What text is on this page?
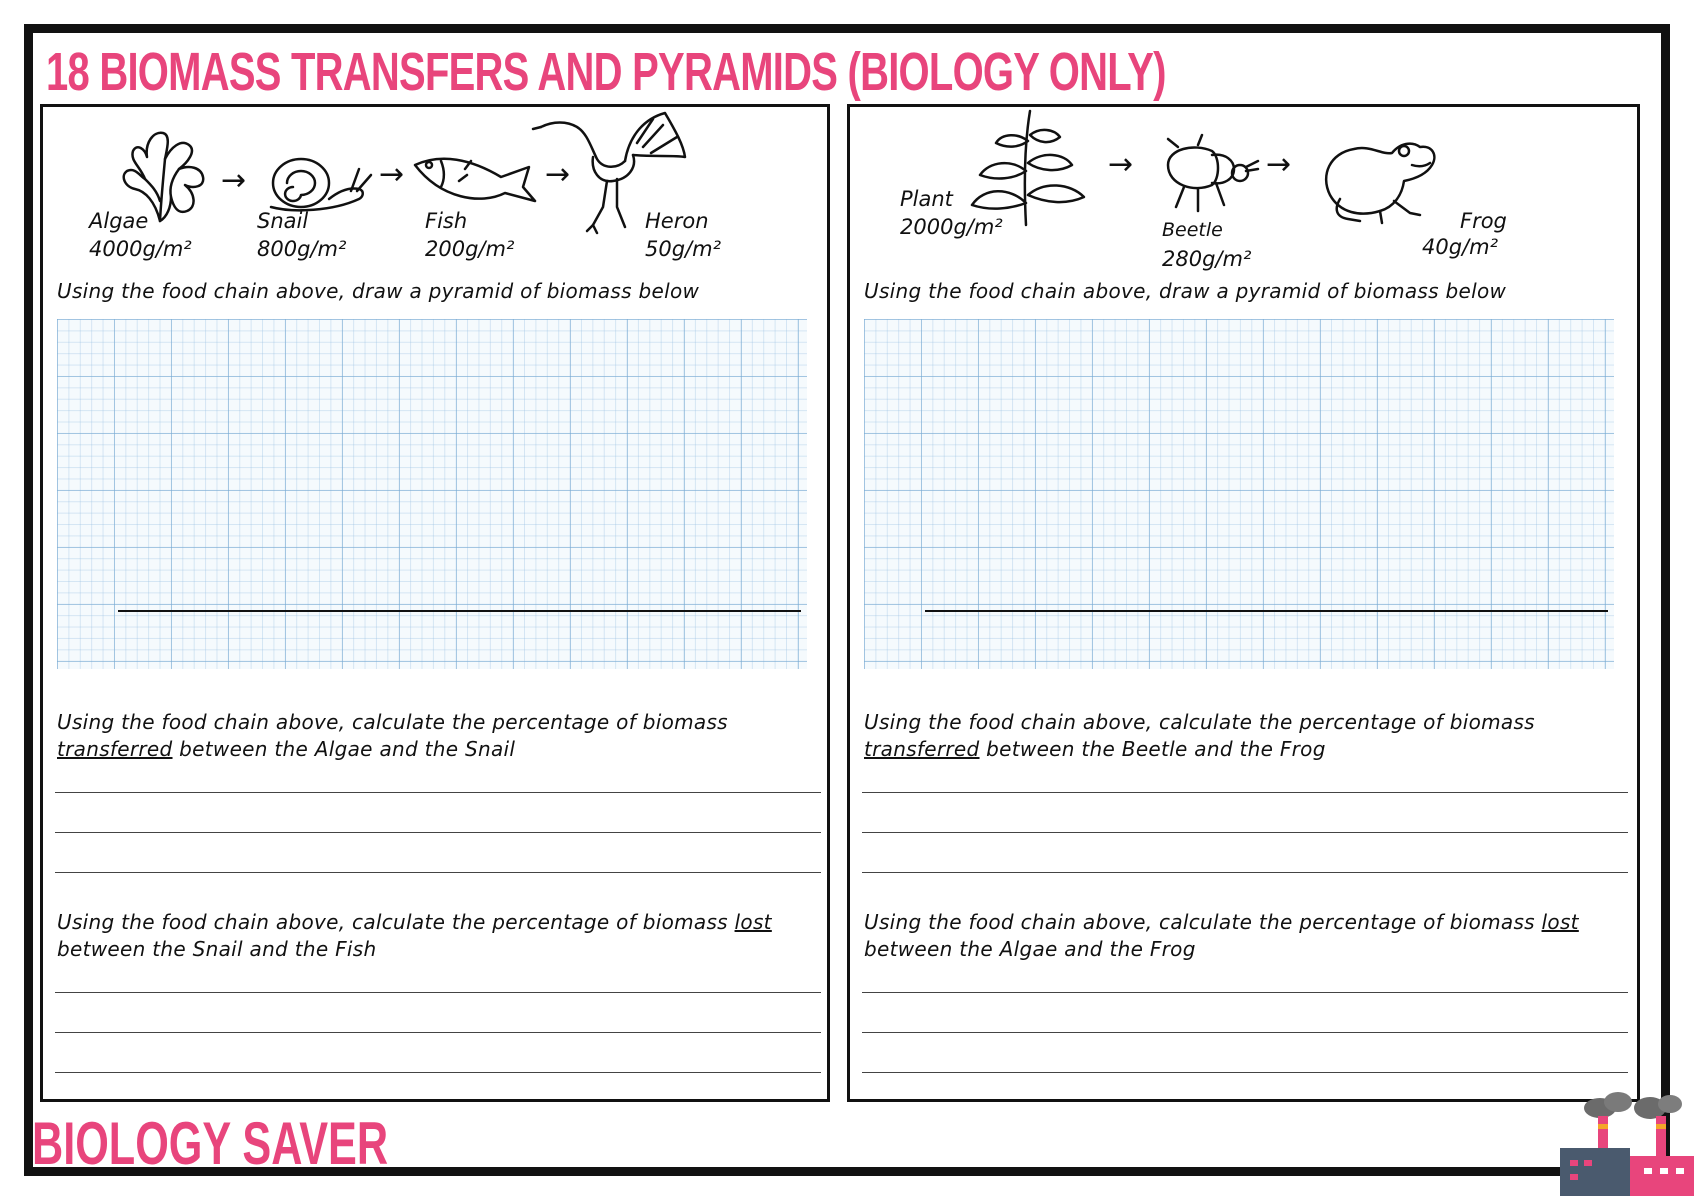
18 BIOMASS TRANSFERS AND PYRAMIDS (BIOLOGY ONLY)
→	→	→
Algae
4000g/m²
Snail
800g/m²
Fish
200g/m²
Heron
50g/m²
Using the food chain above, draw a pyramid of biomass below
Using the food chain above, calculate the percentage of biomass
transferred between the Algae and the Snail
Using the food chain above, calculate the percentage of biomass lost
between the Snail and the Fish
→	→
Plant
2000g/m²	Beetle
280g/m²
Frog
40g/m²
Using the food chain above, draw a pyramid of biomass below
Using the food chain above, calculate the percentage of biomass
transferred between the Beetle and the Frog
Using the food chain above, calculate the percentage of biomass lost
between the Algae and the Frog
BIOLOGY SAVER
